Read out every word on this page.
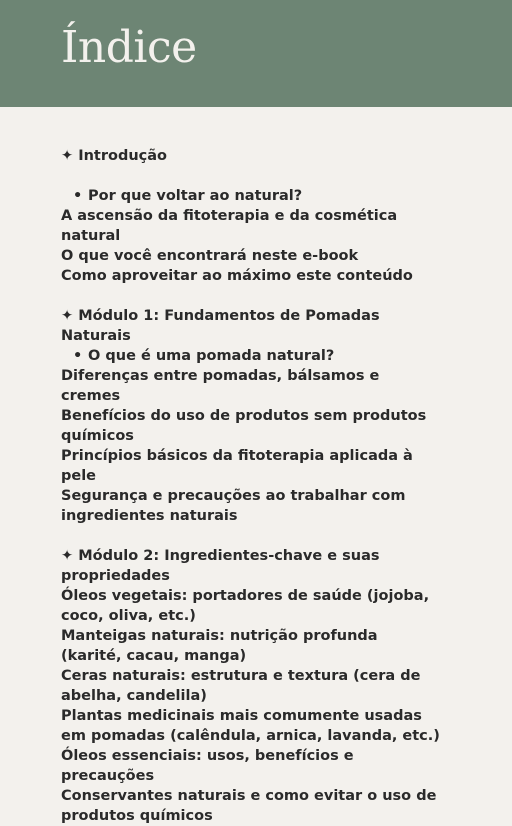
Índice

✦ Introdução

• Por que voltar ao natural?

A ascensão da fitoterapia e da cosmética natural

O que você encontrará neste e-book

Como aproveitar ao máximo este conteúdo

✦ Módulo 1: Fundamentos de Pomadas Naturais

• O que é uma pomada natural?

Diferenças entre pomadas, bálsamos e cremes

Benefícios do uso de produtos sem produtos químicos

Princípios básicos da fitoterapia aplicada à pele

Segurança e precauções ao trabalhar com ingredientes naturais

✦ Módulo 2: Ingredientes-chave e suas propriedades

Óleos vegetais: portadores de saúde (jojoba, coco, oliva, etc.)

Manteigas naturais: nutrição profunda (karité, cacau, manga)

Ceras naturais: estrutura e textura (cera de abelha, candelila)

Plantas medicinais mais comumente usadas em pomadas (calêndula, arnica, lavanda, etc.)

Óleos essenciais: usos, benefícios e precauções

Conservantes naturais e como evitar o uso de produtos químicos
